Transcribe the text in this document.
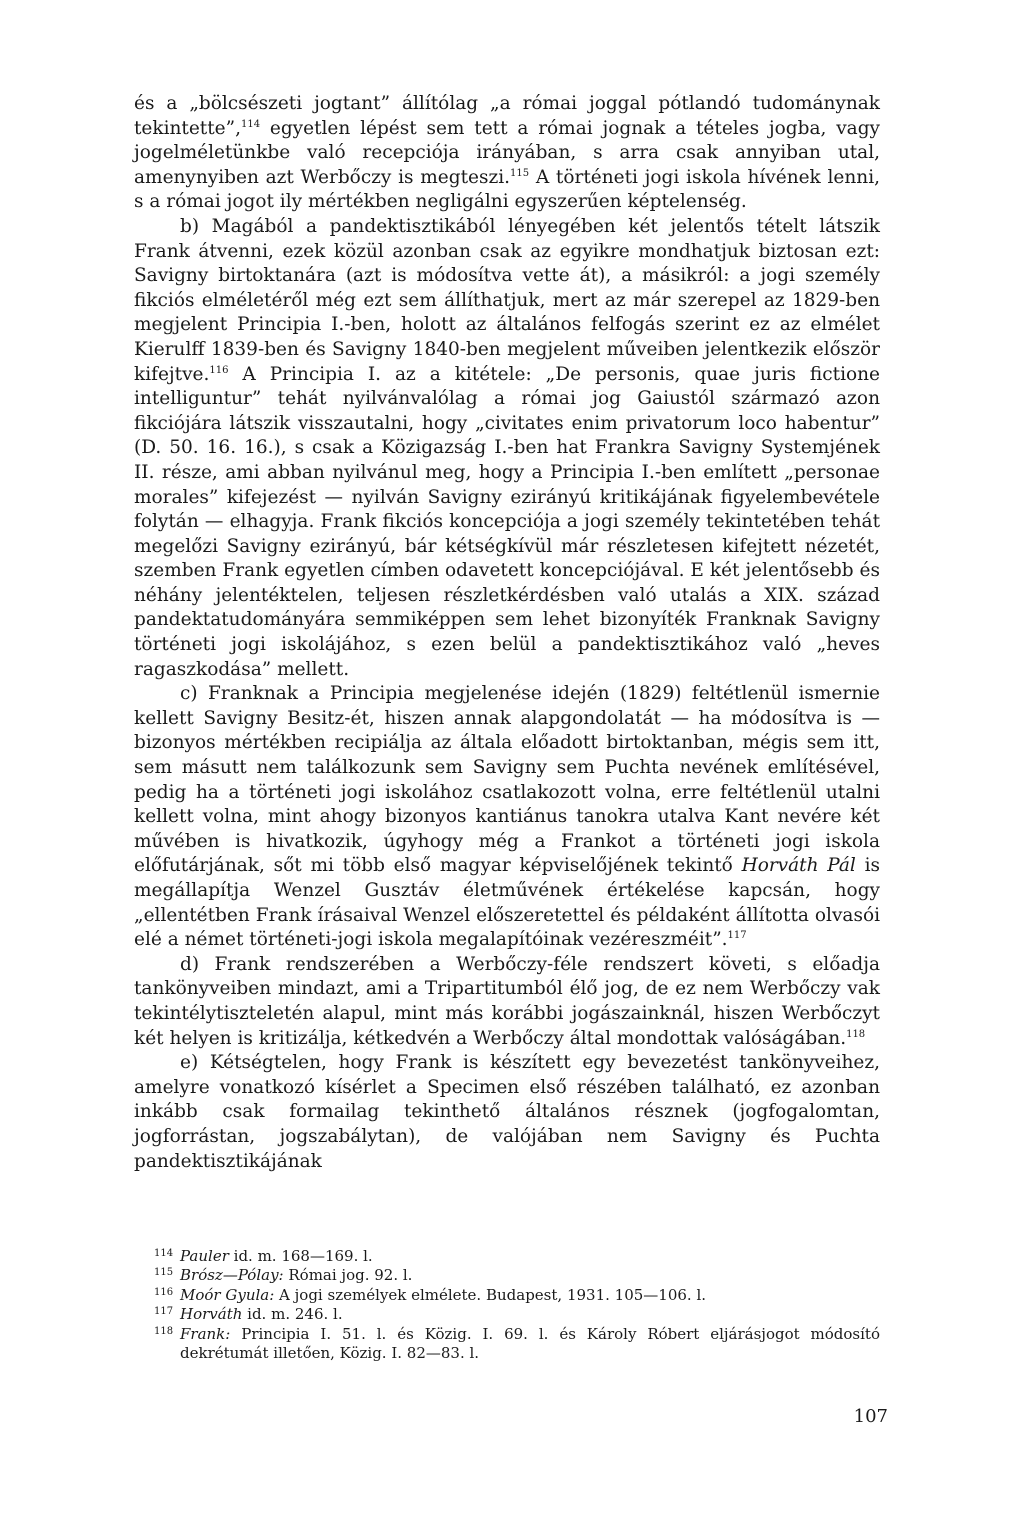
és a „bölcsészeti jogtant” állítólag „a római joggal pótlandó tudománynak tekintette”,$^{114}$ egyetlen lépést sem tett a római jognak a tételes jogba, vagy jogelméletünkbe való recepciója irányában, s arra csak annyiban utal, amenynyiben azt Werbőczy is megteszi.$^{115}$ A történeti jogi iskola hívének lenni, s a római jogot ily mértékben negligálni egyszerűen képtelenség.

b) Magából a pandektisztikából lényegében két jelentős tételt látszik Frank átvenni, ezek közül azonban csak az egyikre mondhatjuk biztosan ezt: Savigny birtoktanára (azt is módosítva vette át), a másikról: a jogi személy fikciós elméletéről még ezt sem állíthatjuk, mert az már szerepel az 1829-ben megjelent Principia I.-ben, holott az általános felfogás szerint ez az elmélet Kierulff 1839-ben és Savigny 1840-ben megjelent műveiben jelentkezik először kifejtve.$^{116}$ A Principia I. az a kitétele: „De personis, quae juris fictione intelliguntur” tehát nyilvánvalólag a római jog Gaiustól származó azon fikciójára látszik visszautalni, hogy „civitates enim privatorum loco habentur” (D. 50. 16. 16.), s csak a Közigazság I.-ben hat Frankra Savigny Systemjének II. része, ami abban nyilvánul meg, hogy a Principia I.-ben említett „personae morales” kifejezést — nyilván Savigny ezirányú kritikájának figyelembevétele folytán — elhagyja. Frank fikciós koncepciója a jogi személy tekintetében tehát megelőzi Savigny ezirányú, bár kétségkívül már részletesen kifejtett nézetét, szemben Frank egyetlen címben odavetett koncepciójával. E két jelentősebb és néhány jelentéktelen, teljesen részletkérdésben való utalás a XIX. század pandektatudományára semmiképpen sem lehet bizonyíték Franknak Savigny történeti jogi iskolájához, s ezen belül a pandektisztikához való „heves ragaszkodása” mellett.

c) Franknak a Principia megjelenése idején (1829) feltétlenül ismernie kellett Savigny Besitz-ét, hiszen annak alapgondolatát — ha módosítva is — bizonyos mértékben recipiálja az általa előadott birtoktanban, mégis sem itt, sem másutt nem találkozunk sem Savigny sem Puchta nevének említésével, pedig ha a történeti jogi iskolához csatlakozott volna, erre feltétlenül utalni kellett volna, mint ahogy bizonyos kantiánus tanokra utalva Kant nevére két művében is hivatkozik, úgyhogy még a Frankot a történeti jogi iskola előfutárjának, sőt mi több első magyar képviselőjének tekintő Horváth Pál is megállapítja Wenzel Gusztáv életművének értékelése kapcsán, hogy „ellentétben Frank írásaival Wenzel előszeretettel és példaként állította olvasói elé a német történeti-jogi iskola megalapítóinak vezéreszméit”.$^{117}$

d) Frank rendszerében a Werbőczy-féle rendszert követi, s előadja tankönyveiben mindazt, ami a Tripartitumból élő jog, de ez nem Werbőczy vak tekintélytiszteletén alapul, mint más korábbi jogászainknál, hiszen Werbőczyt két helyen is kritizálja, kétkedvén a Werbőczy által mondottak valóságában.$^{118}$

e) Kétségtelen, hogy Frank is készített egy bevezetést tankönyveihez, amelyre vonatkozó kísérlet a Specimen első részében található, ez azonban inkább csak formailag tekinthető általános résznek (jogfogalomtan, jogforrástan, jogszabálytan), de valójában nem Savigny és Puchta pandektisztikájának

114 Pauler id. m. 168—169. l.

115 Brósz—Pólay: Római jog. 92. l.

116 Moór Gyula: A jogi személyek elmélete. Budapest, 1931. 105—106. l.

117 Horváth id. m. 246. l.

118 Frank: Principia I. 51. l. és Közig. I. 69. l. és Károly Róbert eljárásjogot módosító dekrétumát illetően, Közig. I. 82—83. l.

107
